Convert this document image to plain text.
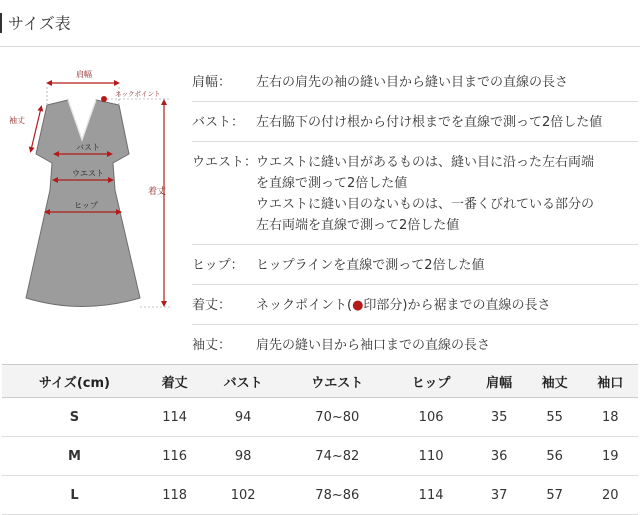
サイズ表
肩幅
ネックポイント
袖丈
バスト
ウエスト
ヒップ
着丈
肩幅：	左右の肩先の袖の縫い目から縫い目までの直線の長さ
バスト： 左右脇下の付け根から付け根までを直線で測って2倍した値
ウエスト：
ウエストに縫い目があるものは、縫い目に沿った左右両端
を直線で測って2倍した値
ウエストに縫い目のないものは、一番くびれている部分の
左右両端を直線で測って2倍した値
ヒップ： ヒップラインを直線で測って2倍した値
着丈：	ネックポイント(●印部分)から裾までの直線の長さ
袖丈：	肩先の縫い目から袖口までの直線の長さ
サイズ(cm)	着丈	バスト	ウエスト	ヒップ	肩幅	袖丈	袖口
S	114	94	70~80	106	35	55	18
M	116	98	74~82	110	36	56	19
L	118	102	78~86	114	37	57	20
